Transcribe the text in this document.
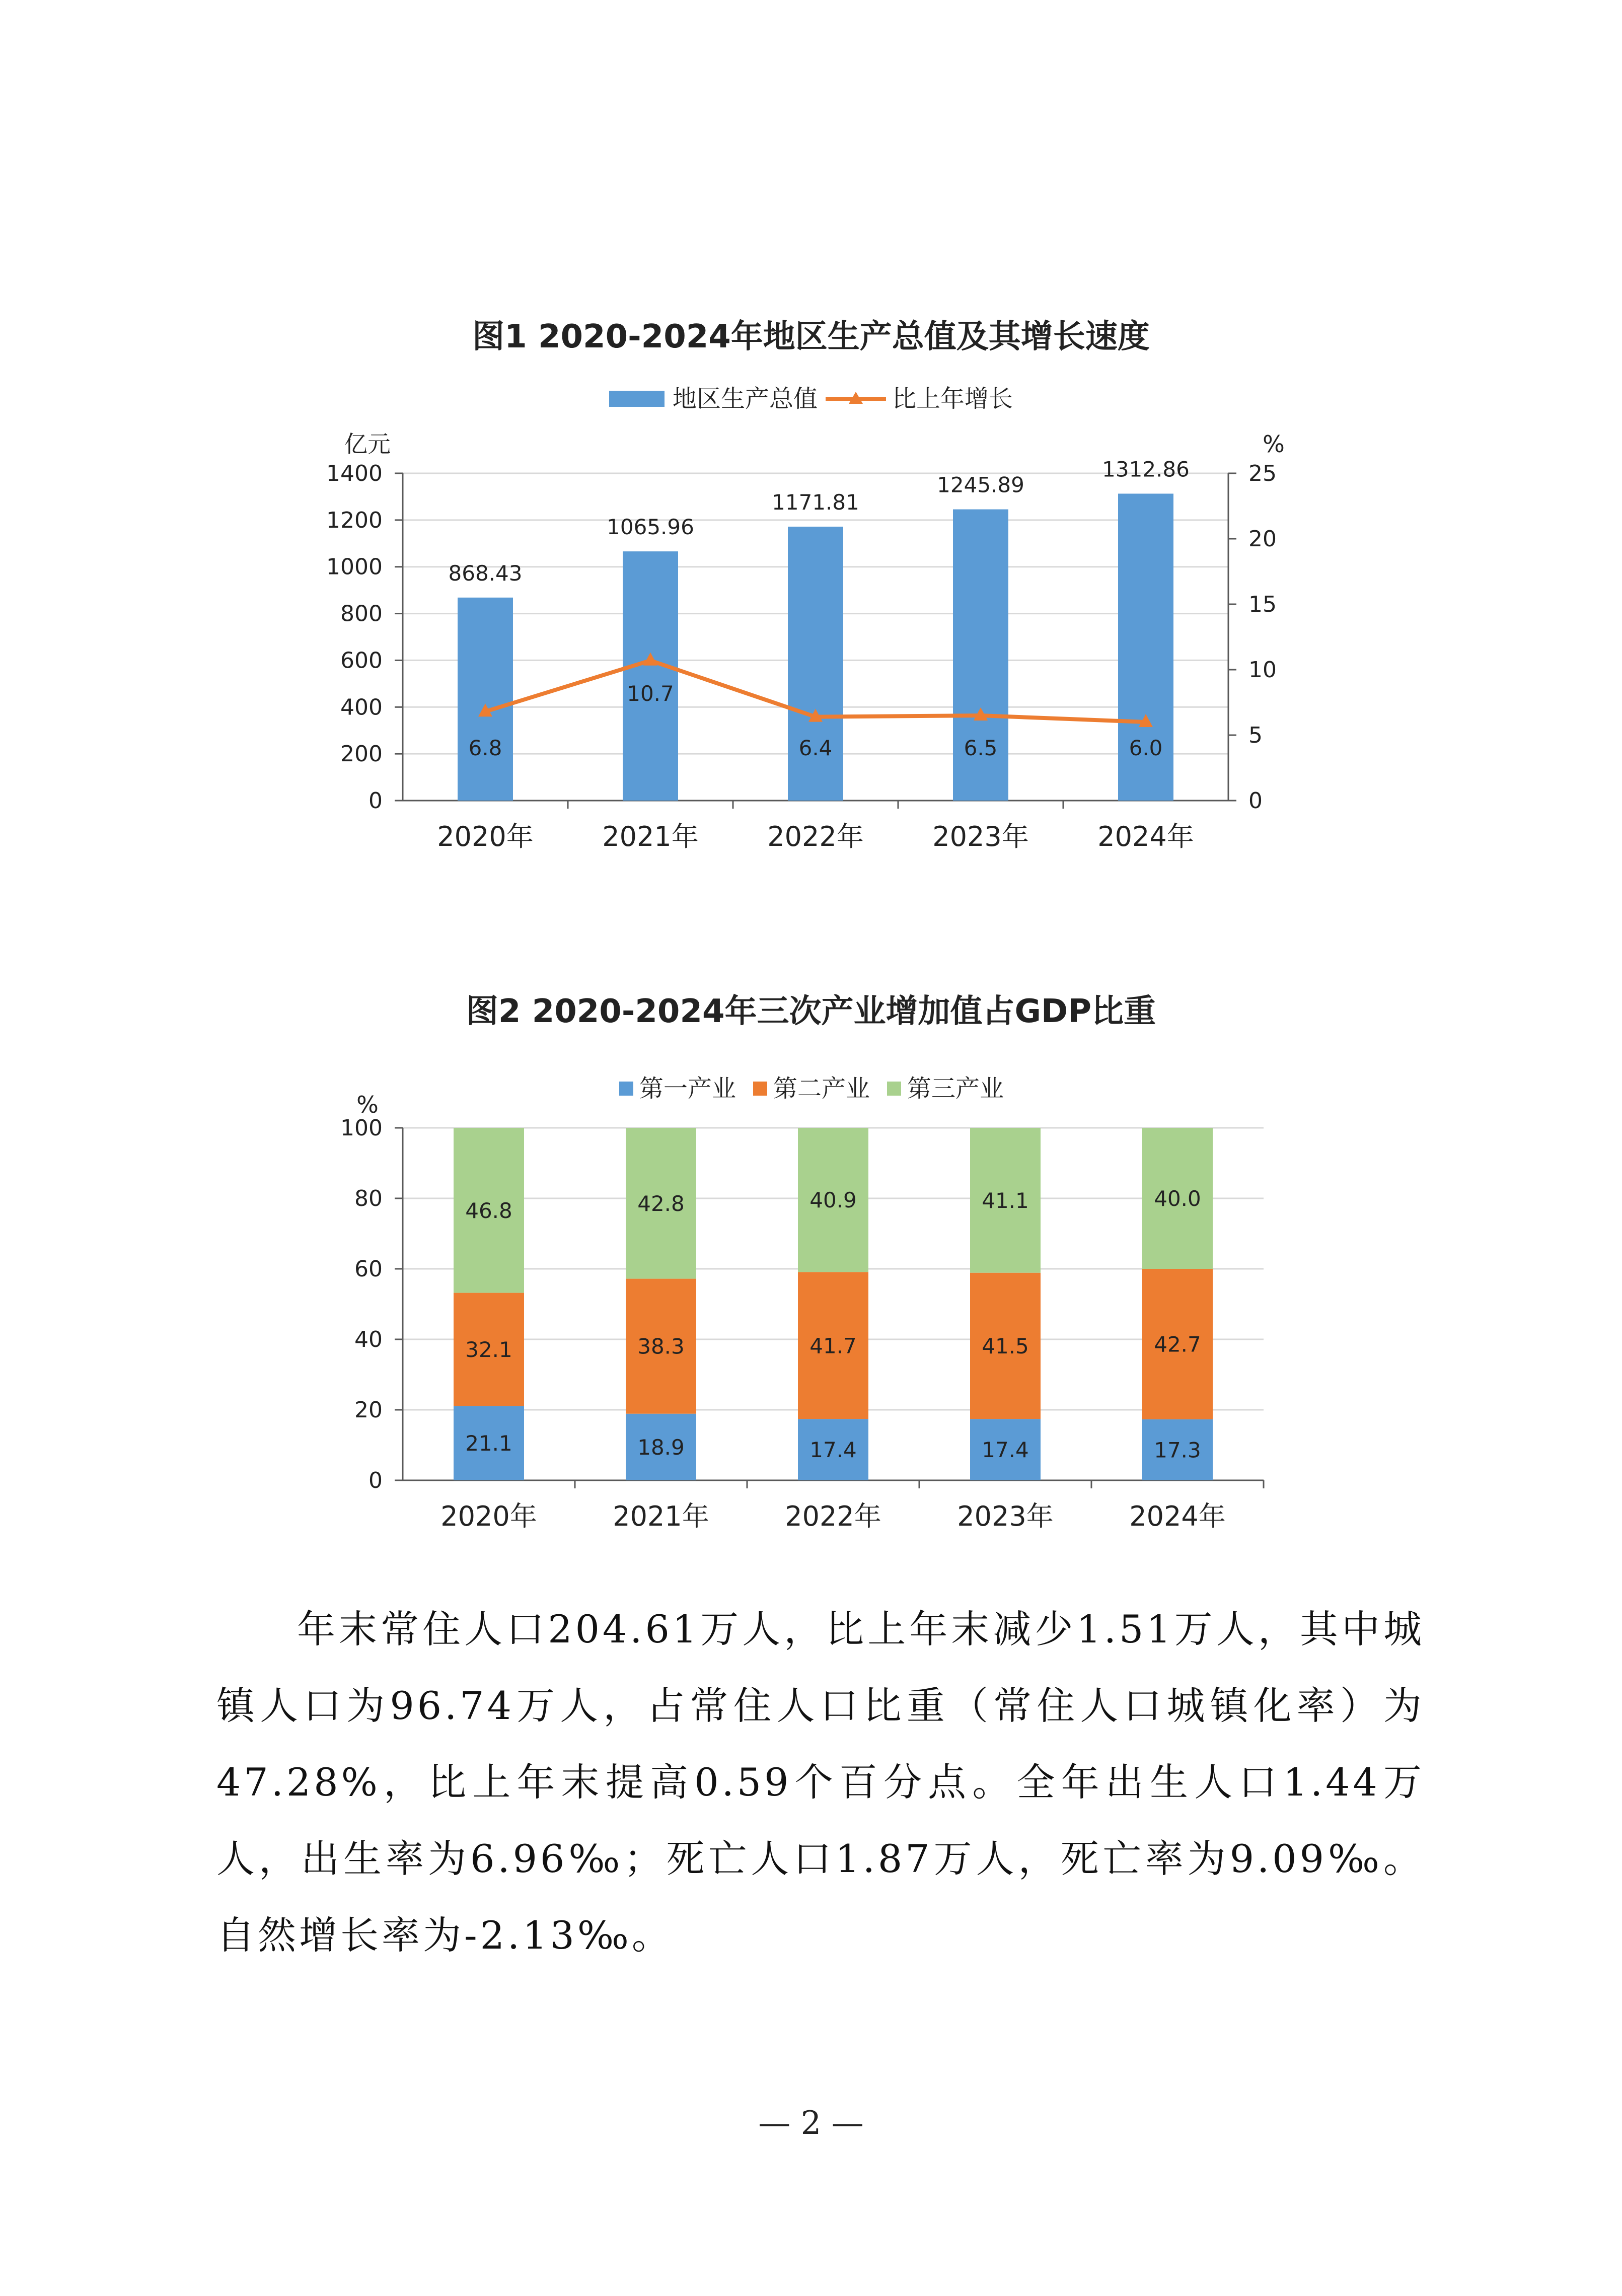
图1 2020-2024年地区生产总值及其增长速度
地区生产总值	比上年增长
亿元	%
0
200
400
600
800
1000
1200
1400
0
5
10
15
20
25
868.43
2020年
1065.96
2021年
1171.81
2022年
1245.89
2023年
1312.86
2024年
6.8
10.7
6.4	6.5	6.0
图2 2020-2024年三次产业增加值占GDP比重
第一产业 第二产业 第三产业
%
0
20
40
60
80
100
21.1
32.1
46.8
2020年
18.9
38.3
42.8
2021年
17.4
41.7
40.9
2022年
17.4
41.5
41.1
2023年
17.3
42.7
40.0
2024年

年末常住人口204.61万人，比上年末减少1.51万人，其中城镇人口为96.74万人，占常住人口比重（常住人口城镇化率）为47.28%，比上年末提高0.59个百分点。全年出生人口1.44万人，出生率为6.96‰；死亡人口1.87万人，死亡率为9.09‰。自然增长率为-2.13‰。

— 2 —
